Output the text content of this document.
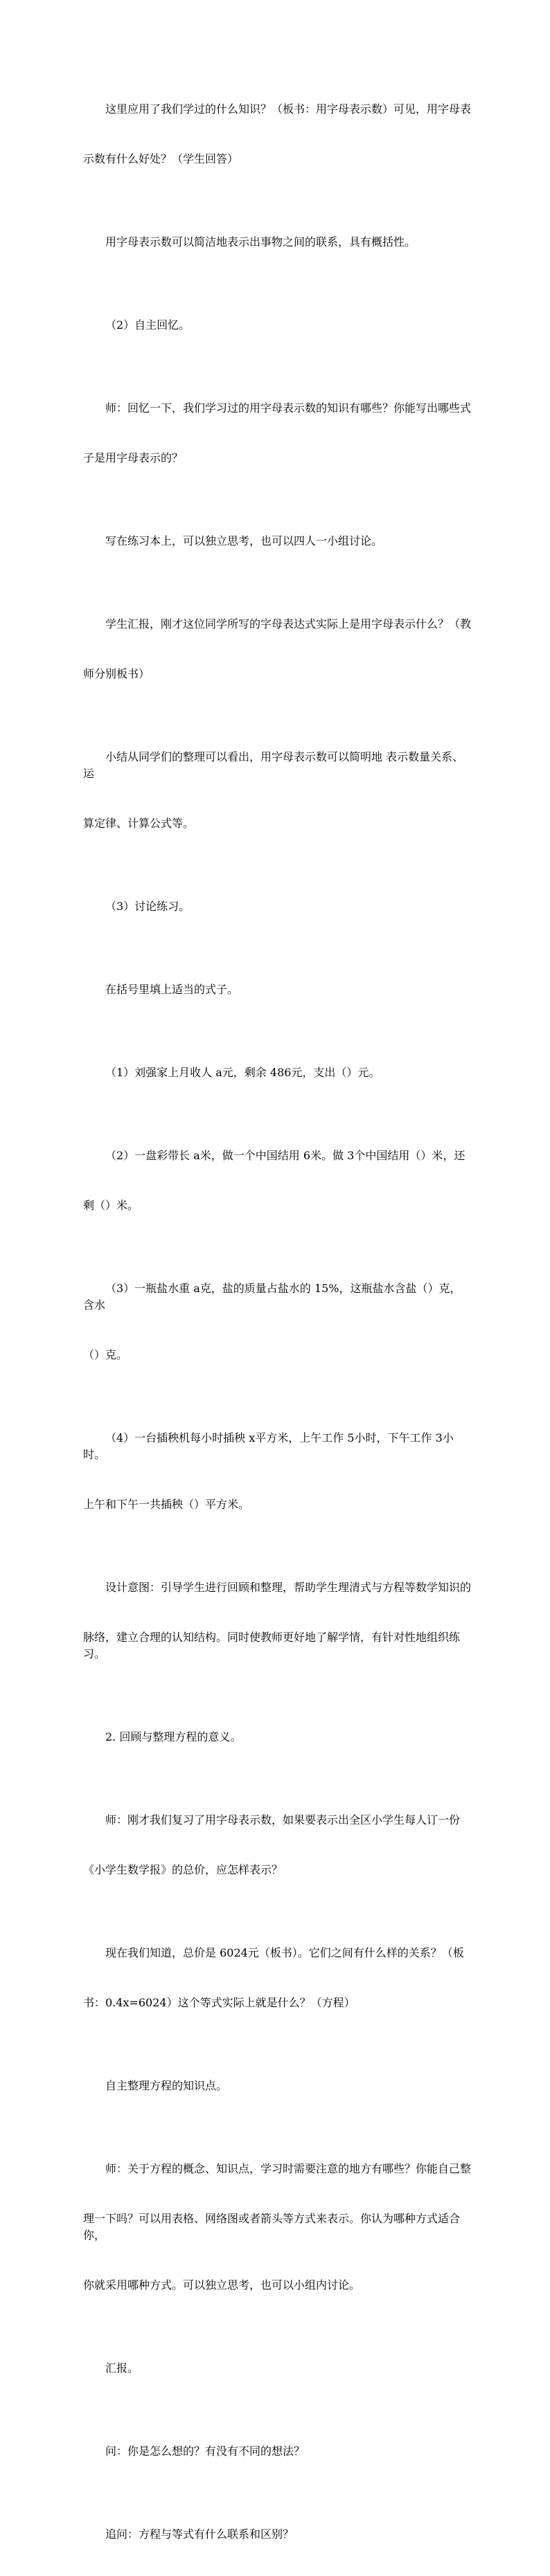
这里应用了我们学过的什么知识？（板书：用字母表示数）可见，用字母表

示数有什么好处？（学生回答）

用字母表示数可以简洁地表示出事物之间的联系，具有概括性。

（2）自主回忆。

师：回忆一下，我们学习过的用字母表示数的知识有哪些？你能写出哪些式

子是用字母表示的？

写在练习本上，可以独立思考，也可以四人一小组讨论。

学生汇报，刚才这位同学所写的字母表达式实际上是用字母表示什么？（教

师分别板书）

小结从同学们的整理可以看出，用字母表示数可以简明地 表示数量关系、运

算定律、计算公式等。

（3）讨论练习。

在括号里填上适当的式子。

（1）刘强家上月收人 a元，剩余 486元，支出（）元。

（2）一盘彩带长 a米，做一个中国结用 6米。做 3个中国结用（）米，还

剩（）米。

（3）一瓶盐水重 a克，盐的质量占盐水的 15%，这瓶盐水含盐（）克，含水

（）克。

（4）一台插秧机每小时插秧 x平方米，上午工作 5小时，下午工作 3小时。

上午和下午一共插秧（）平方米。

设计意图：引导学生进行回顾和整理，帮助学生理清式与方程等数学知识的

脉络，建立合理的认知结构。同时使教师更好地了解学情，有针对性地组织练习。

2. 回顾与整理方程的意义。

师：刚才我们复习了用字母表示数，如果要表示出全区小学生每人订一份

《小学生数学报》的总价，应怎样表示？

现在我们知道，总价是 6024元（板书）。它们之间有什么样的关系？（板

书：0.4x=6024）这个等式实际上就是什么？（方程）

自主整理方程的知识点。

师：关于方程的概念、知识点，学习时需要注意的地方有哪些？你能自己整

理一下吗？可以用表格、网络图或者箭头等方式来表示。你认为哪种方式适合你，

你就采用哪种方式。可以独立思考，也可以小组内讨论。

汇报。

问：你是怎么想的？有没有不同的想法？

追问：方程与等式有什么联系和区别？
